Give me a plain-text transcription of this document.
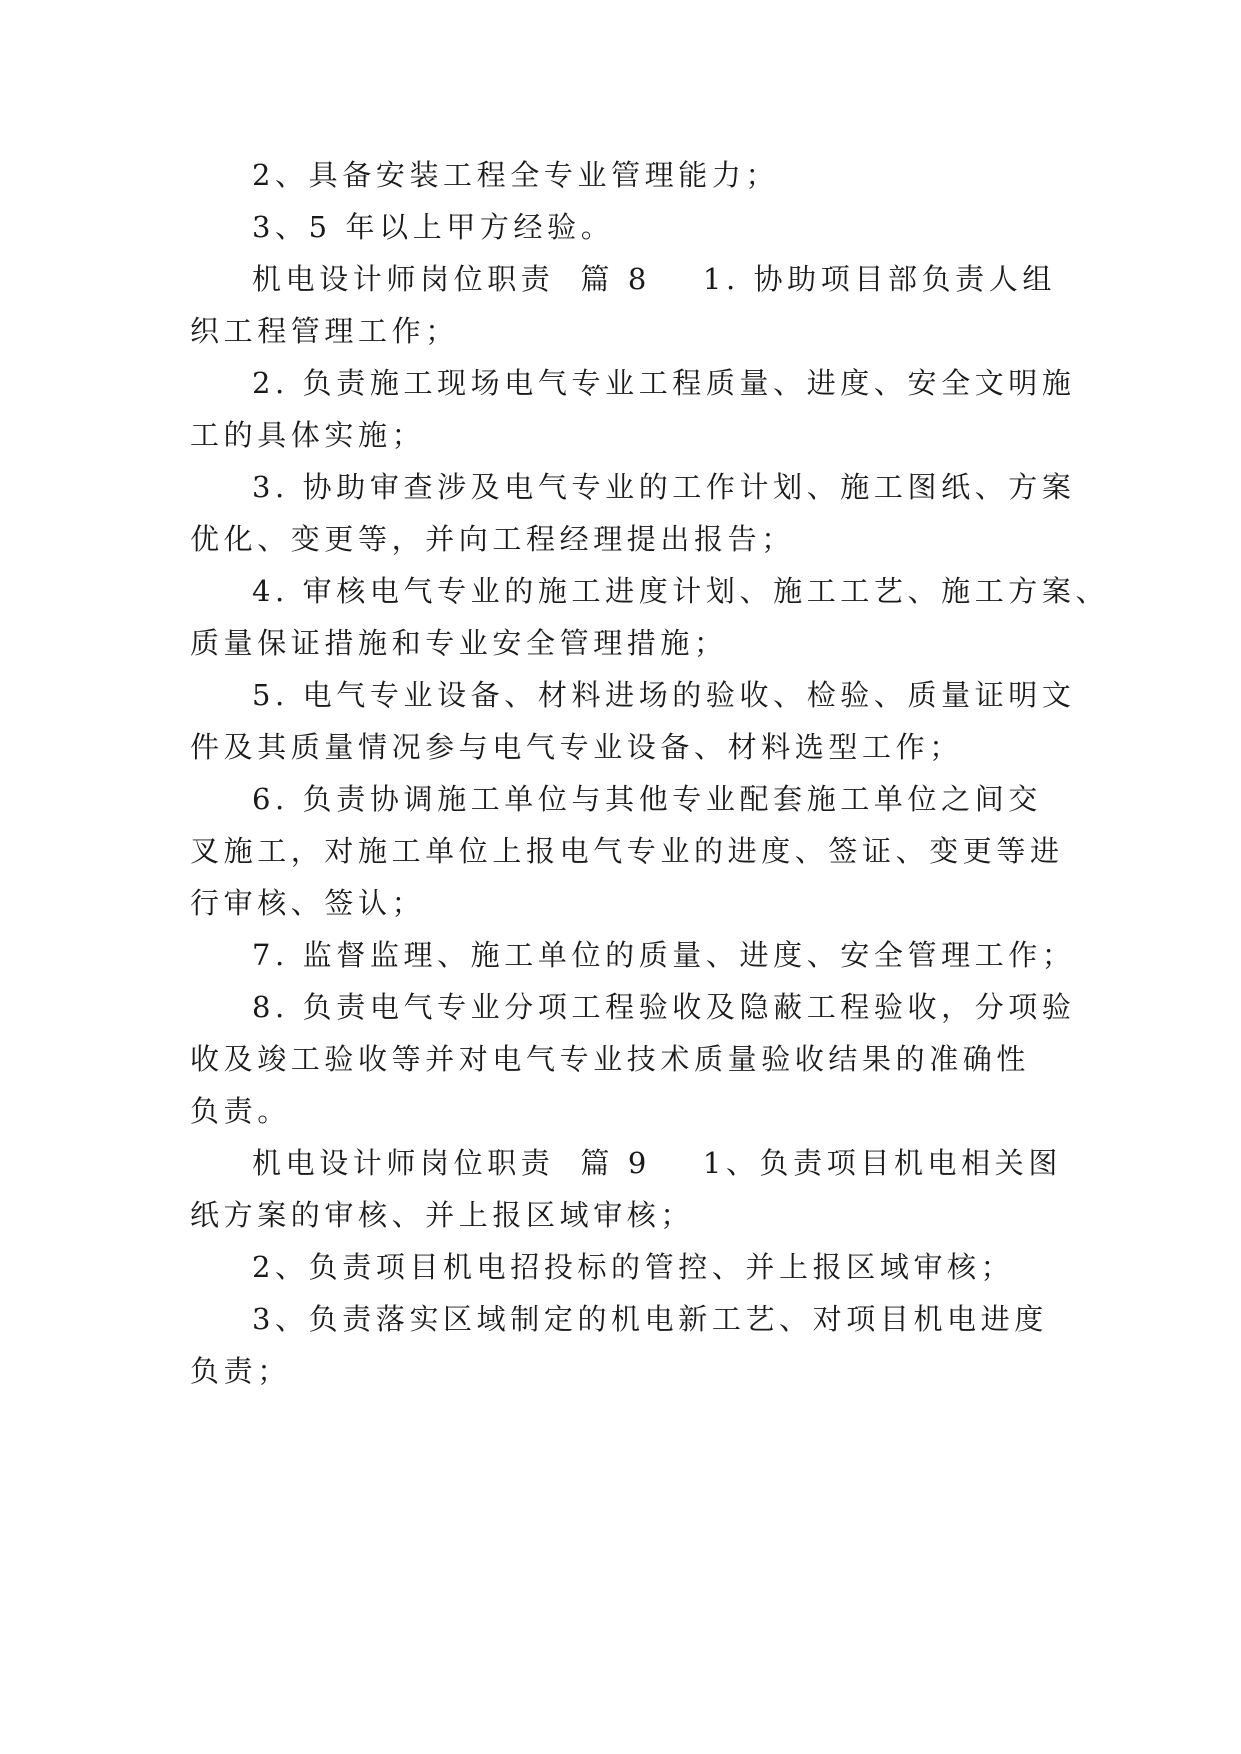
2、具备安装工程全专业管理能力；
3、5 年以上甲方经验。
机电设计师岗位职责 篇 8 1. 协助项目部负责人组
织工程管理工作；
2. 负责施工现场电气专业工程质量、进度、安全文明施
工的具体实施；
3. 协助审查涉及电气专业的工作计划、施工图纸、方案
优化、变更等，并向工程经理提出报告；
4. 审核电气专业的施工进度计划、施工工艺、施工方案、
质量保证措施和专业安全管理措施；
5. 电气专业设备、材料进场的验收、检验、质量证明文
件及其质量情况参与电气专业设备、材料选型工作；
6. 负责协调施工单位与其他专业配套施工单位之间交
叉施工，对施工单位上报电气专业的进度、签证、变更等进
行审核、签认；
7. 监督监理、施工单位的质量、进度、安全管理工作；
8. 负责电气专业分项工程验收及隐蔽工程验收，分项验
收及竣工验收等并对电气专业技术质量验收结果的准确性
负责。
机电设计师岗位职责 篇 9 1、负责项目机电相关图
纸方案的审核、并上报区域审核；
2、负责项目机电招投标的管控、并上报区域审核；
3、负责落实区域制定的机电新工艺、对项目机电进度
负责；
